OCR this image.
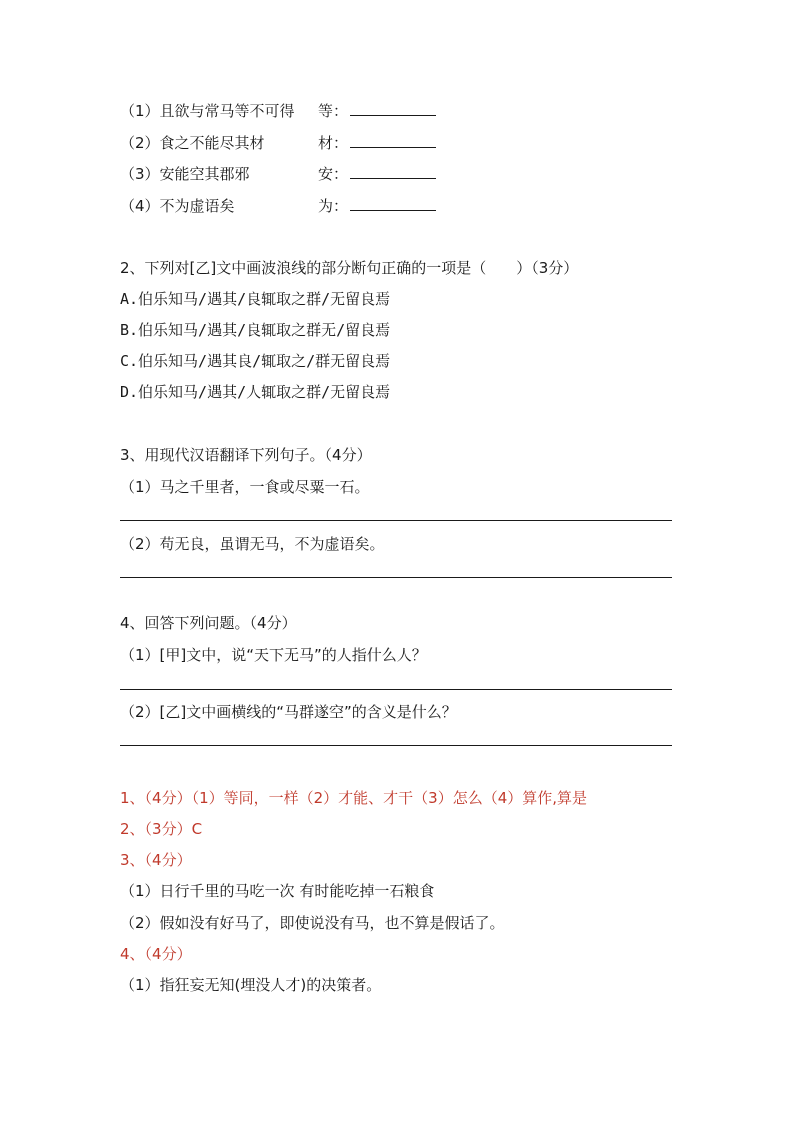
（1）且欲与常马等不可得 等：
（2）食之不能尽其材	材：
（3）安能空其郡邪	安：
（4）不为虚语矣	为：
2、下列对[乙]文中画波浪线的部分断句正确的一项是（　　）（3分）
A.伯乐知马/遇其/良辄取之群/无留良焉
B.伯乐知马/遇其/良辄取之群无/留良焉
C.伯乐知马/遇其良/辄取之/群无留良焉
D.伯乐知马/遇其/人辄取之群/无留良焉
3、用现代汉语翻译下列句子。（4分）
（1）马之千里者，一食或尽粟一石。
（2）苟无良，虽谓无马，不为虚语矣。
4、回答下列问题。（4分）
（1）[甲]文中，说“天下无马”的人指什么人？
（2）[乙]文中画横线的“马群遂空”的含义是什么？
1、（4分）（1）等同，一样（2）才能、才干（3）怎么（4）算作,算是
2、（3分）C
3、（4分）
（1）日行千里的马吃一次 有时能吃掉一石粮食
（2）假如没有好马了，即使说没有马，也不算是假话了。
4、（4分）
（1）指狂妄无知(埋没人才)的决策者。
